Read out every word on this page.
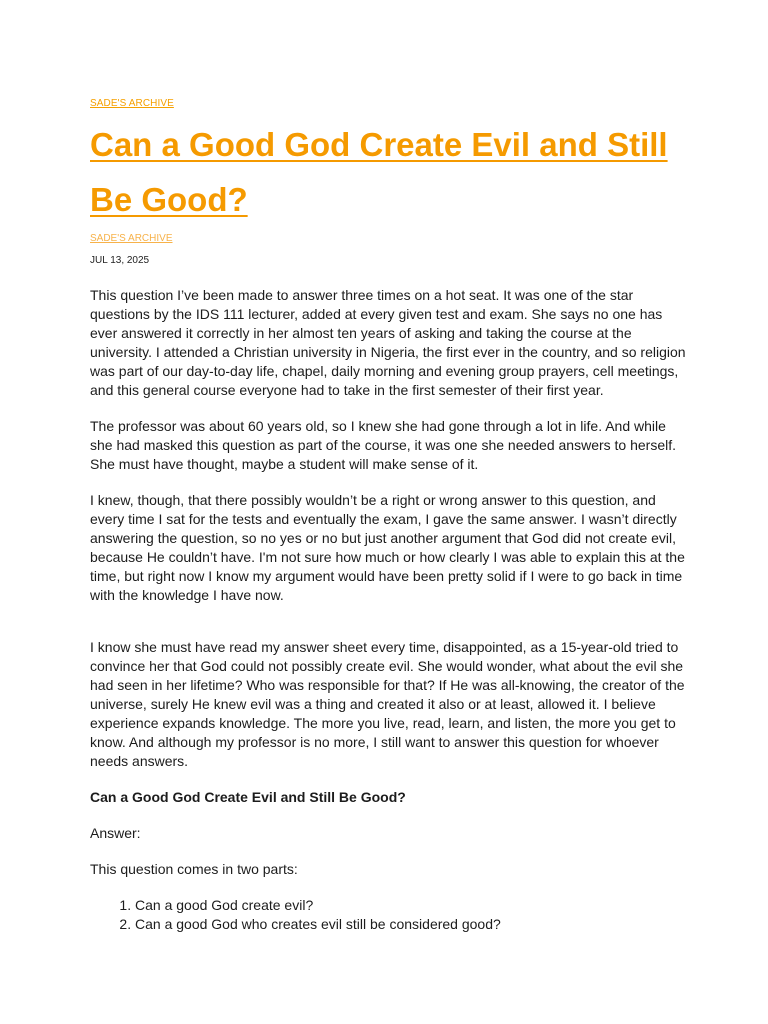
SADE'S ARCHIVE
Can a Good God Create Evil and Still Be Good?
SADE'S ARCHIVE
JUL 13, 2025

This question I’ve been made to answer three times on a hot seat. It was one of the star questions by the IDS 111 lecturer, added at every given test and exam. She says no one has ever answered it correctly in her almost ten years of asking and taking the course at the university. I attended a Christian university in Nigeria, the first ever in the country, and so religion was part of our day-to-day life, chapel, daily morning and evening group prayers, cell meetings, and this general course everyone had to take in the first semester of their first year.

The professor was about 60 years old, so I knew she had gone through a lot in life. And while she had masked this question as part of the course, it was one she needed answers to herself. She must have thought, maybe a student will make sense of it.

I knew, though, that there possibly wouldn’t be a right or wrong answer to this question, and every time I sat for the tests and eventually the exam, I gave the same answer. I wasn’t directly answering the question, so no yes or no but just another argument that God did not create evil, because He couldn’t have. I'm not sure how much or how clearly I was able to explain this at the time, but right now I know my argument would have been pretty solid if I were to go back in time with the knowledge I have now.

I know she must have read my answer sheet every time, disappointed, as a 15-year-old tried to convince her that God could not possibly create evil. She would wonder, what about the evil she had seen in her lifetime? Who was responsible for that? If He was all-knowing, the creator of the universe, surely He knew evil was a thing and created it also or at least, allowed it. I believe experience expands knowledge. The more you live, read, learn, and listen, the more you get to know. And although my professor is no more, I still want to answer this question for whoever needs answers.

Can a Good God Create Evil and Still Be Good?

Answer:

This question comes in two parts:

1. Can a good God create evil?
2. Can a good God who creates evil still be considered good?
